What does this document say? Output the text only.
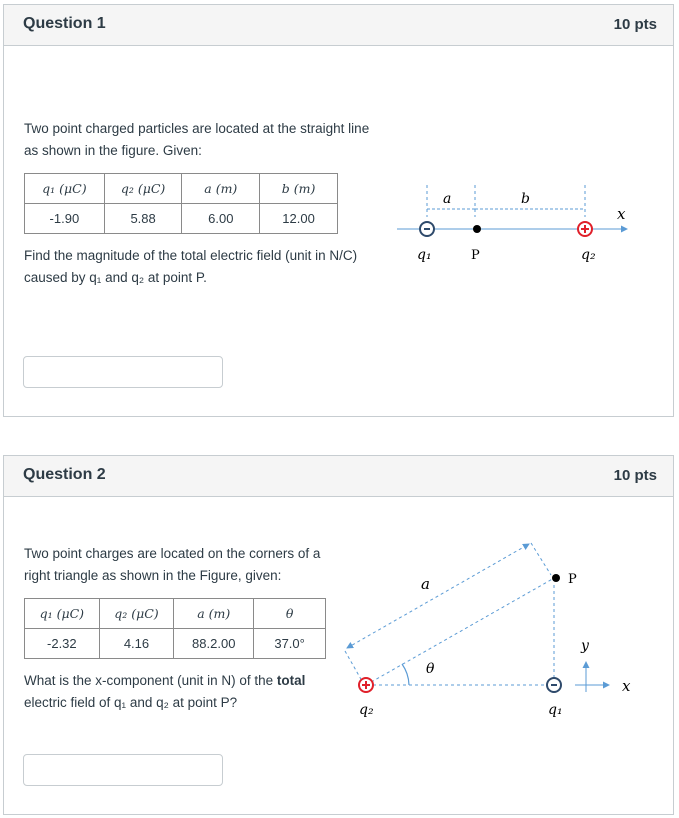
Question 1	10 pts
Two point charged particles are located at the straight line as shown in the figure. Given:
q₁ (μC)	q₂ (μC)	a (m)	b (m)
-1.90	5.88	6.00	12.00
Find the magnitude of the total electric field (unit in N/C) caused by q₁ and q₂ at point P.
a	b
x
q₁	P	q₂
Question 2	10 pts
Two point charges are located on the corners of a right triangle as shown in the Figure, given:
q₁ (μC)	q₂ (μC)	a (m)	θ
-2.32	4.16	88.2.00	37.0°
What is the x-component (unit in N) of the total electric field of q₁ and q₂ at point P?
a
θ
P
y
x
q₂	q₁
